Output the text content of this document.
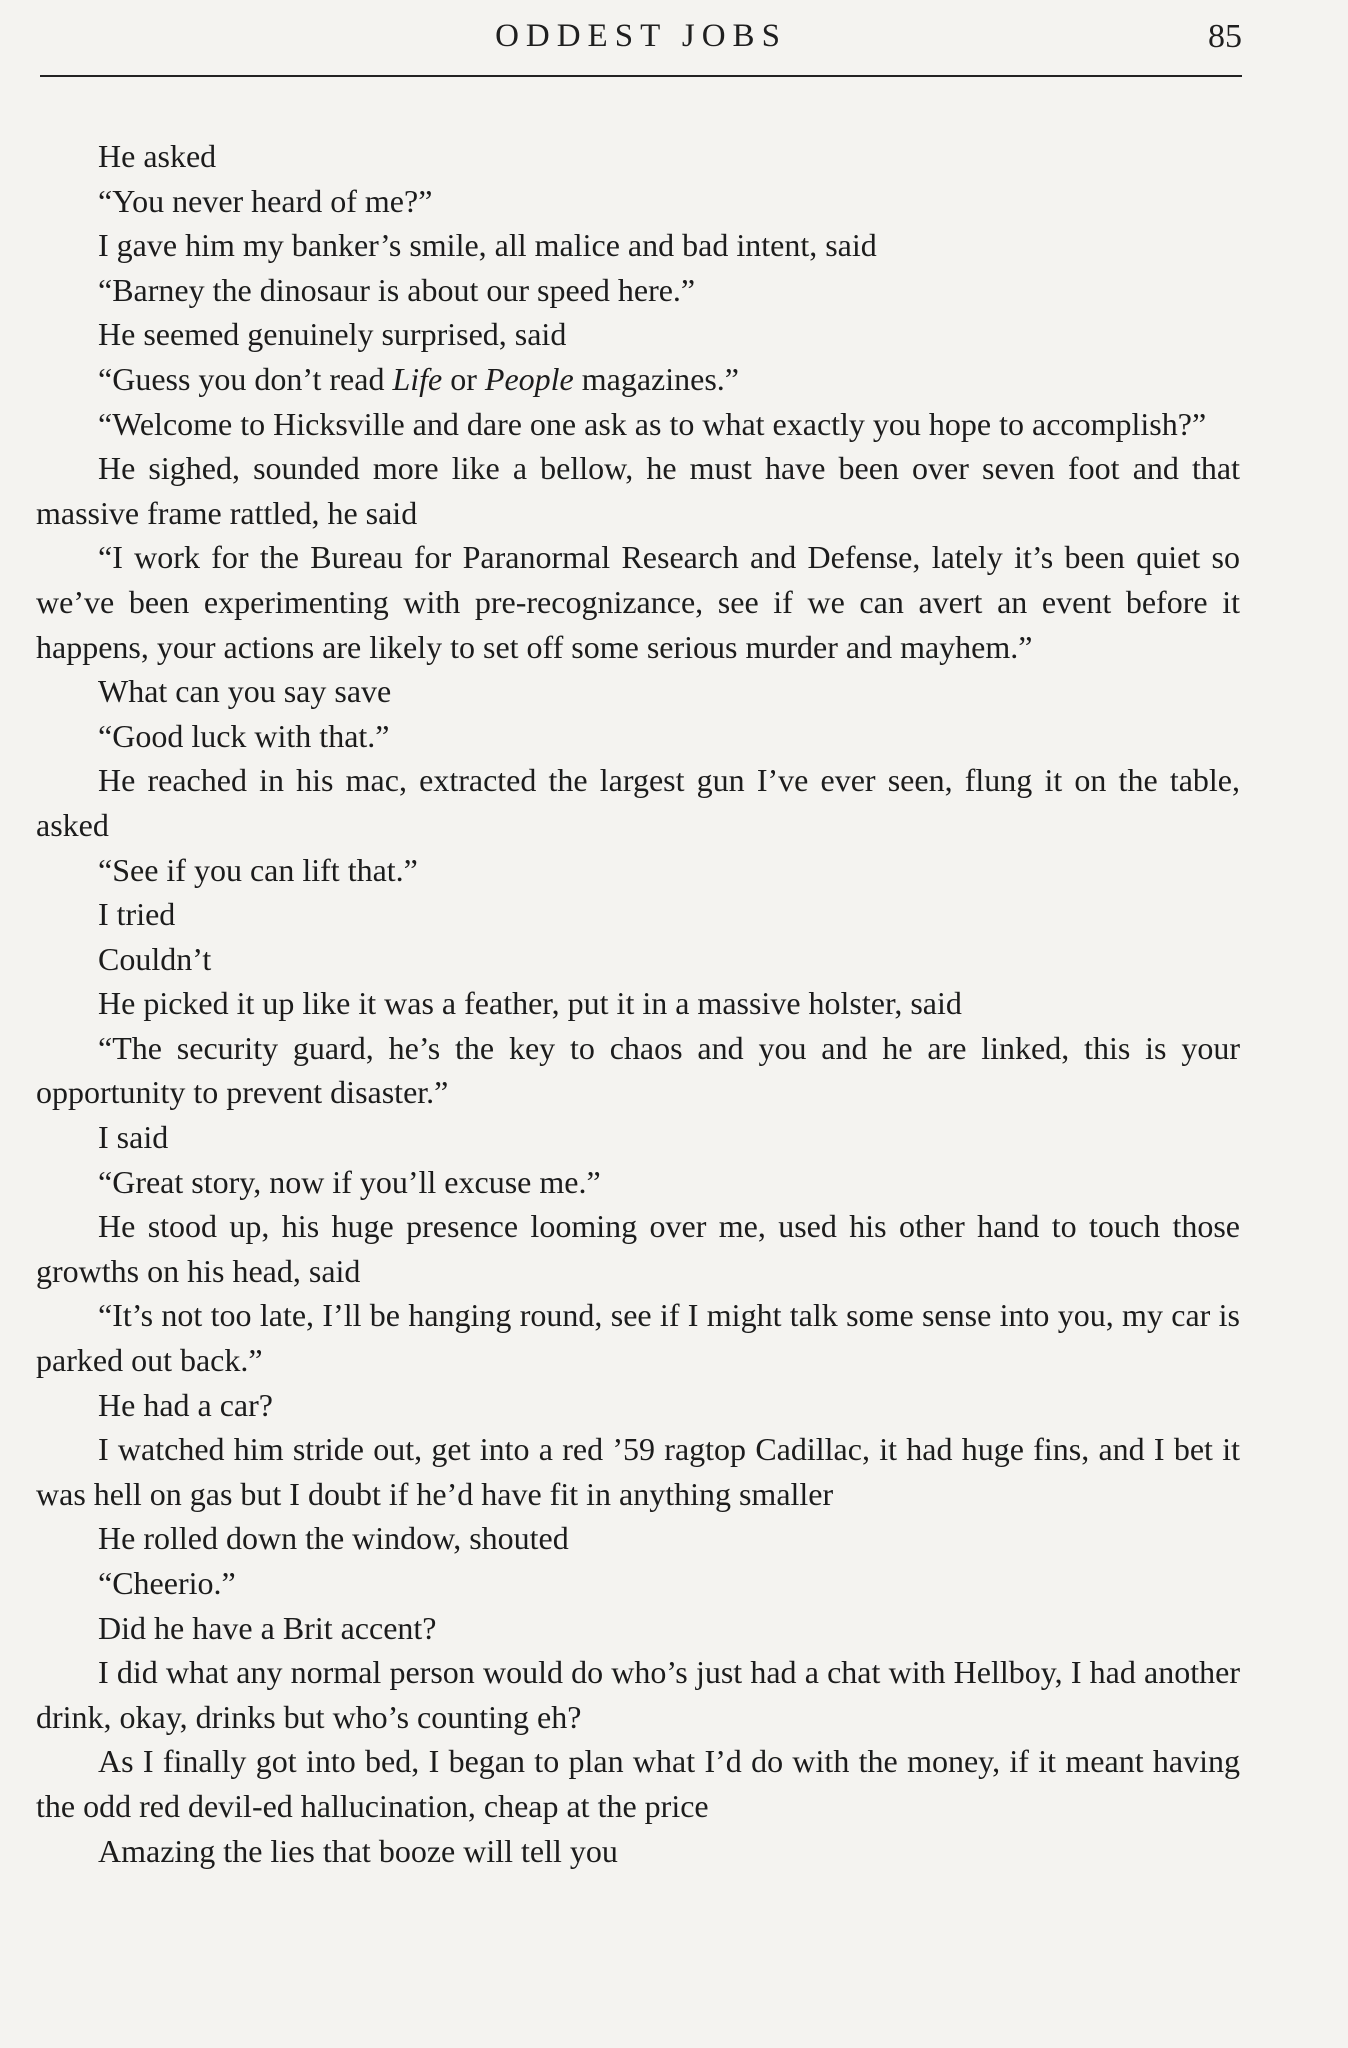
ODDEST JOBS	85

He asked

“You never heard of me?”

I gave him my banker’s smile, all malice and bad intent, said

“Barney the dinosaur is about our speed here.”

He seemed genuinely surprised, said

“Guess you don’t read Life or People magazines.”

“Welcome to Hicksville and dare one ask as to what exactly you hope to accomplish?”

He sighed, sounded more like a bellow, he must have been over seven foot and that massive frame rattled, he said

“I work for the Bureau for Paranormal Research and Defense, lately it’s been quiet so we’ve been experimenting with pre-recognizance, see if we can avert an event before it happens, your actions are likely to set off some serious murder and mayhem.”

What can you say save

“Good luck with that.”

He reached in his mac, extracted the largest gun I’ve ever seen, flung it on the table, asked

“See if you can lift that.”

I tried

Couldn’t

He picked it up like it was a feather, put it in a massive holster, said

“The security guard, he’s the key to chaos and you and he are linked, this is your opportunity to prevent disaster.”

I said

“Great story, now if you’ll excuse me.”

He stood up, his huge presence looming over me, used his other hand to touch those growths on his head, said

“It’s not too late, I’ll be hanging round, see if I might talk some sense into you, my car is parked out back.”

He had a car?

I watched him stride out, get into a red ’59 ragtop Cadillac, it had huge fins, and I bet it was hell on gas but I doubt if he’d have fit in anything smaller

He rolled down the window, shouted

“Cheerio.”

Did he have a Brit accent?

I did what any normal person would do who’s just had a chat with Hellboy, I had another drink, okay, drinks but who’s counting eh?

As I finally got into bed, I began to plan what I’d do with the money, if it meant having the odd red devil-ed hallucination, cheap at the price

Amazing the lies that booze will tell you
